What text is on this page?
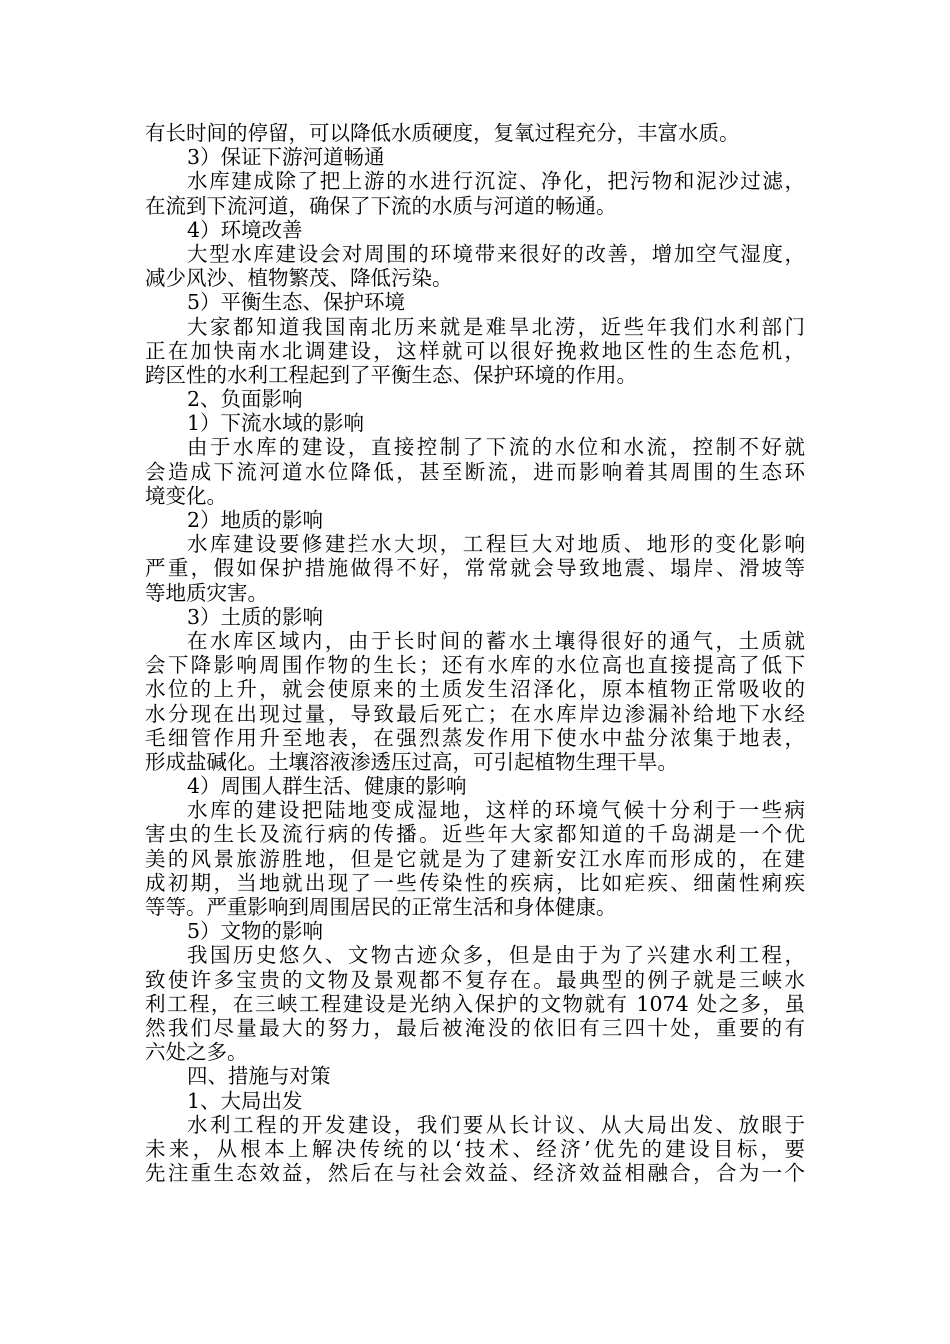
有长时间的停留，可以降低水质硬度，复氧过程充分，丰富水质。
3）保证下游河道畅通
水库建成除了把上游的水进行沉淀、净化，把污物和泥沙过滤，
在流到下流河道，确保了下流的水质与河道的畅通。
4）环境改善
大型水库建设会对周围的环境带来很好的改善，增加空气湿度，
减少风沙、植物繁茂、降低污染。
5）平衡生态、保护环境
大家都知道我国南北历来就是难旱北涝，近些年我们水利部门
正在加快南水北调建设，这样就可以很好挽救地区性的生态危机，
跨区性的水利工程起到了平衡生态、保护环境的作用。
2、负面影响
1）下流水域的影响
由于水库的建设，直接控制了下流的水位和水流，控制不好就
会造成下流河道水位降低，甚至断流，进而影响着其周围的生态环
境变化。
2）地质的影响
水库建设要修建拦水大坝，工程巨大对地质、地形的变化影响
严重，假如保护措施做得不好，常常就会导致地震、塌岸、滑坡等
等地质灾害。
3）土质的影响
在水库区域内，由于长时间的蓄水土壤得很好的通气，土质就
会下降影响周围作物的生长；还有水库的水位高也直接提高了低下
水位的上升，就会使原来的土质发生沼泽化，原本植物正常吸收的
水分现在出现过量，导致最后死亡；在水库岸边渗漏补给地下水经
毛细管作用升至地表，在强烈蒸发作用下使水中盐分浓集于地表，
形成盐碱化。土壤溶液渗透压过高，可引起植物生理干旱。
4）周围人群生活、健康的影响
水库的建设把陆地变成湿地，这样的环境气候十分利于一些病
害虫的生长及流行病的传播。近些年大家都知道的千岛湖是一个优
美的风景旅游胜地，但是它就是为了建新安江水库而形成的，在建
成初期，当地就出现了一些传染性的疾病，比如疟疾、细菌性痢疾
等等。严重影响到周围居民的正常生活和身体健康。
5）文物的影响
我国历史悠久、文物古迹众多，但是由于为了兴建水利工程，
致使许多宝贵的文物及景观都不复存在。最典型的例子就是三峡水
利工程，在三峡工程建设是光纳入保护的文物就有 1074 处之多，虽
然我们尽量最大的努力，最后被淹没的依旧有三四十处，重要的有
六处之多。
四、措施与对策
1、大局出发
水利工程的开发建设，我们要从长计议、从大局出发、放眼于
未来，从根本上解决传统的以‘技术、经济’优先的建设目标，要
先注重生态效益，然后在与社会效益、经济效益相融合，合为一个
